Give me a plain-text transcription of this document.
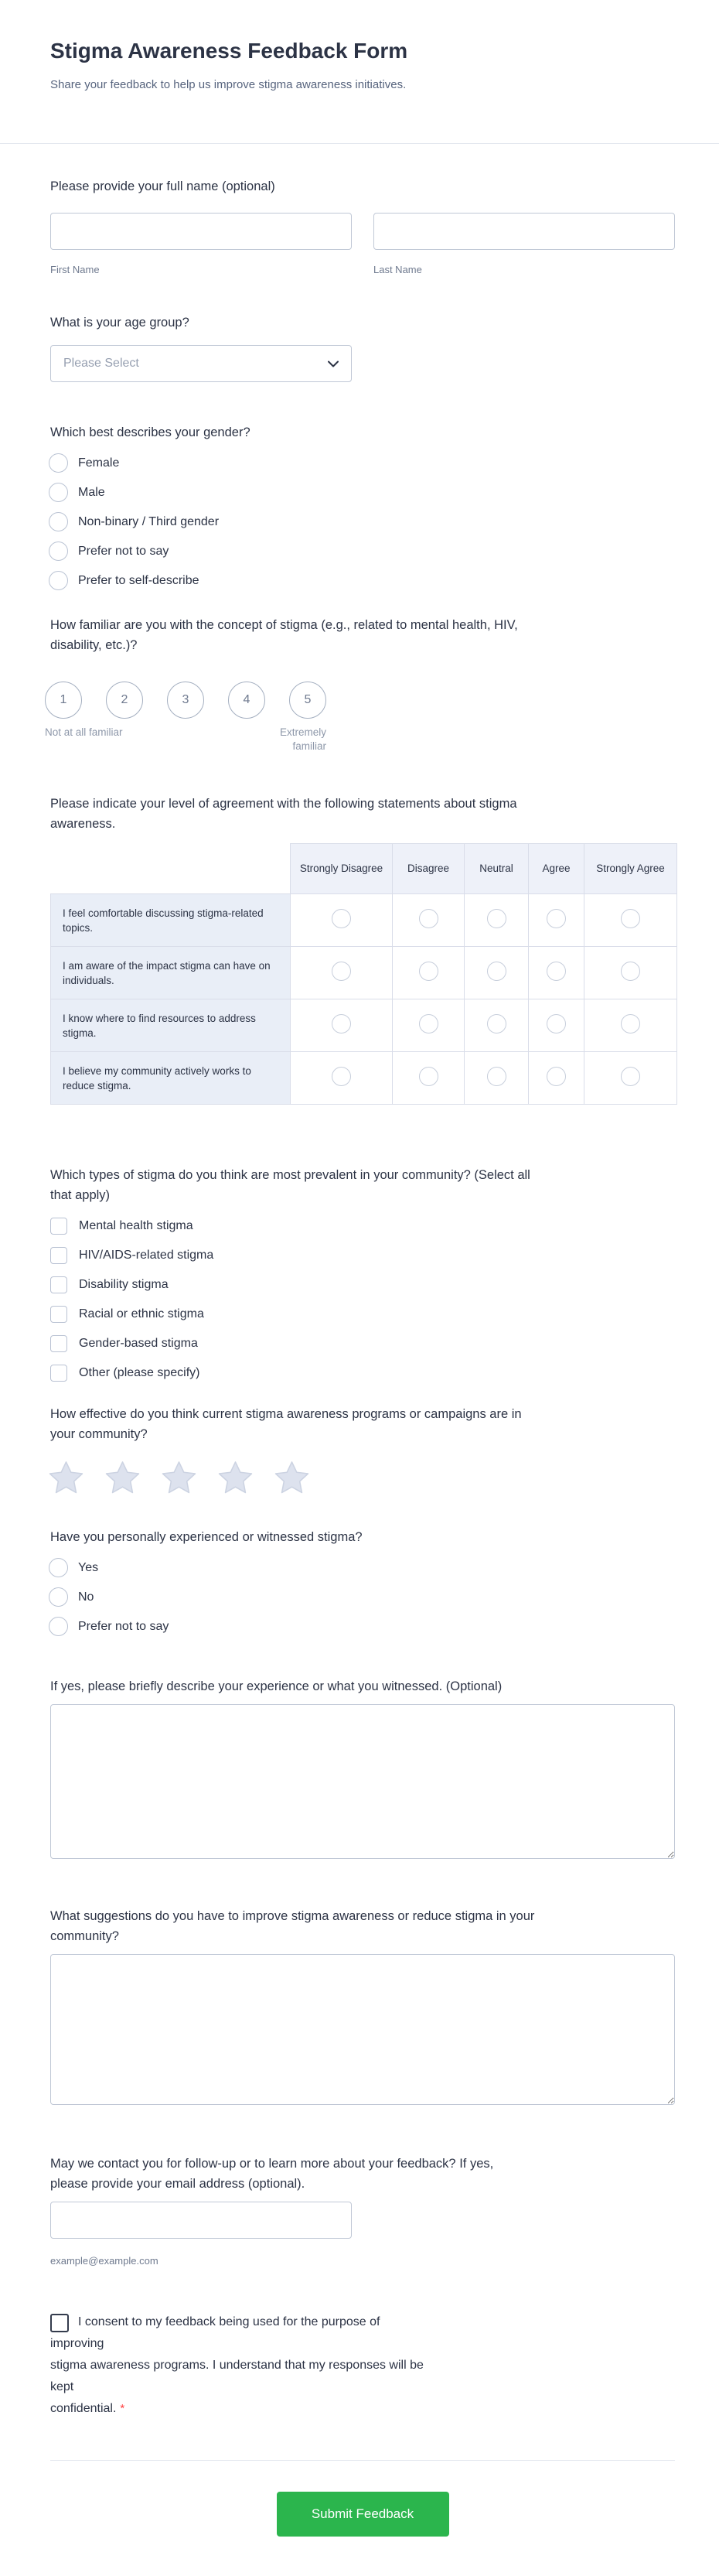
Stigma Awareness Feedback Form
Share your feedback to help us improve stigma awareness initiatives.
Please provide your full name (optional)
First Name	Last Name
What is your age group?
Please Select
Which best describes your gender?
Female
Male
Non-binary / Third gender
Prefer not to say
Prefer to self-describe
How familiar are you with the concept of stigma (e.g., related to mental health, HIV,
disability, etc.)?
1	2	3	4	5
Not at all familiar	Extremely familiar
Please indicate your level of agreement with the following statements about stigma
awareness.
	Strongly Disagree	Disagree	Neutral	Agree	Strongly Agree
I feel comfortable discussing stigma-related topics.					
I am aware of the impact stigma can have on individuals.					
I know where to find resources to address stigma.					
I believe my community actively works to reduce stigma.					
Which types of stigma do you think are most prevalent in your community? (Select all
that apply)
Mental health stigma
HIV/AIDS-related stigma
Disability stigma
Racial or ethnic stigma
Gender-based stigma
Other (please specify)
How effective do you think current stigma awareness programs or campaigns are in
your community?
Have you personally experienced or witnessed stigma?
Yes
No
Prefer not to say
If yes, please briefly describe your experience or what you witnessed. (Optional)
What suggestions do you have to improve stigma awareness or reduce stigma in your
community?
May we contact you for follow-up or to learn more about your feedback? If yes,
please provide your email address (optional).
example@example.com
I consent to my feedback being used for the purpose of improving
stigma awareness programs. I understand that my responses will be kept
confidential. *
Submit Feedback
